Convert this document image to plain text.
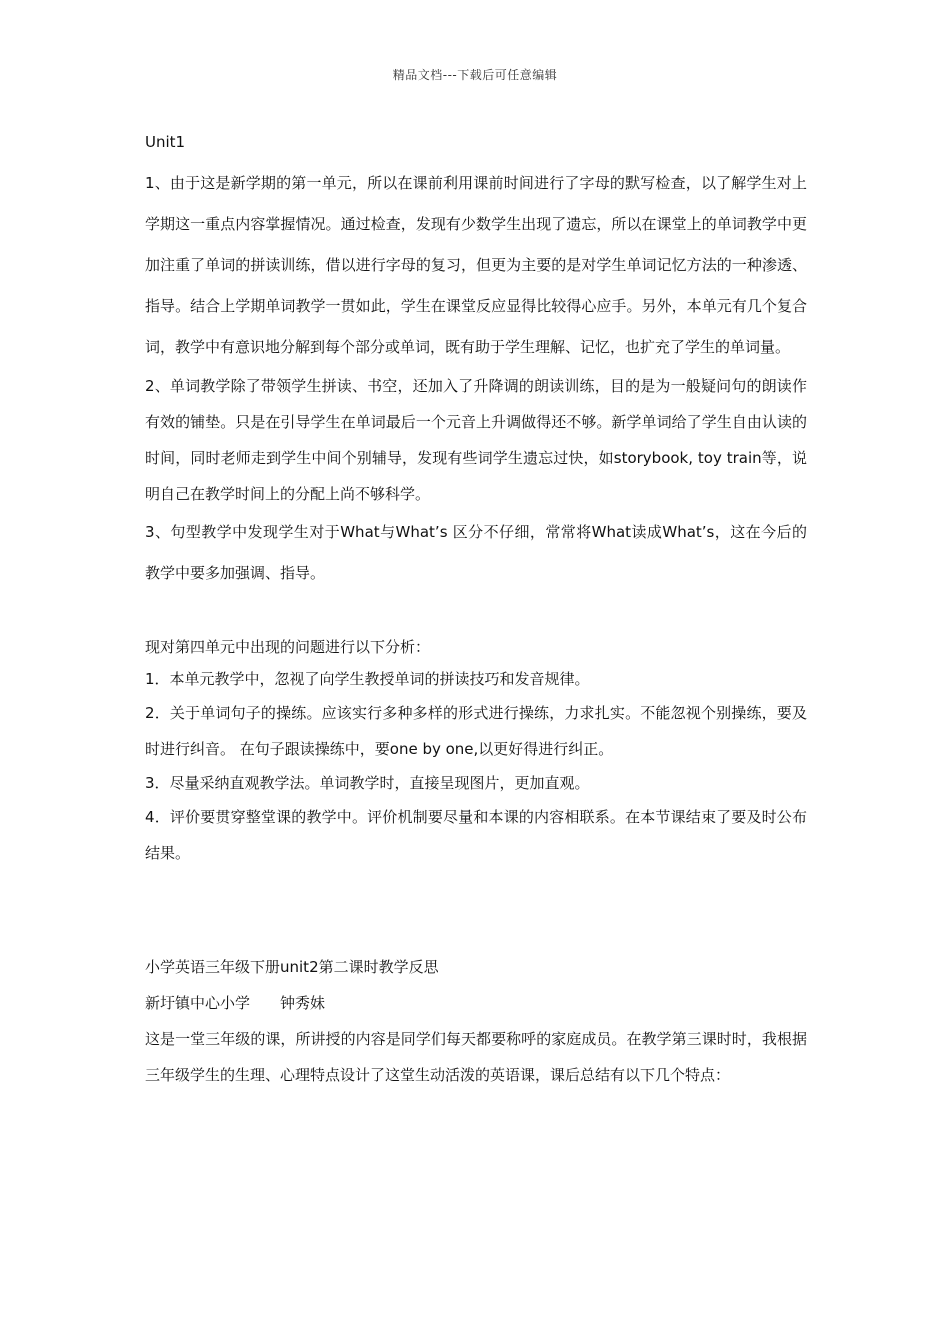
精品文档---下载后可任意编辑

Unit1

1、由于这是新学期的第一单元，所以在课前利用课前时间进行了字母的默写检查，以了解学生对上学期这一重点内容掌握情况。通过检查，发现有少数学生出现了遗忘，所以在课堂上的单词教学中更加注重了单词的拼读训练，借以进行字母的复习，但更为主要的是对学生单词记忆方法的一种渗透、指导。结合上学期单词教学一贯如此，学生在课堂反应显得比较得心应手。另外，本单元有几个复合词，教学中有意识地分解到每个部分或单词，既有助于学生理解、记忆，也扩充了学生的单词量。

2、单词教学除了带领学生拼读、书空，还加入了升降调的朗读训练，目的是为一般疑问句的朗读作有效的铺垫。只是在引导学生在单词最后一个元音上升调做得还不够。新学单词给了学生自由认读的时间，同时老师走到学生中间个别辅导，发现有些词学生遗忘过快，如storybook, toy train等，说明自己在教学时间上的分配上尚不够科学。

3、句型教学中发现学生对于What与What’s 区分不仔细，常常将What读成What’s，这在今后的教学中要多加强调、指导。

现对第四单元中出现的问题进行以下分析：

1．本单元教学中，忽视了向学生教授单词的拼读技巧和发音规律。

2．关于单词句子的操练。应该实行多种多样的形式进行操练，力求扎实。不能忽视个别操练，要及时进行纠音。 在句子跟读操练中，要one by one,以更好得进行纠正。

3．尽量采纳直观教学法。单词教学时，直接呈现图片，更加直观。

4．评价要贯穿整堂课的教学中。评价机制要尽量和本课的内容相联系。在本节课结束了要及时公布结果。

小学英语三年级下册unit2第二课时教学反思

新圩镇中心小学　　钟秀妹

这是一堂三年级的课，所讲授的内容是同学们每天都要称呼的家庭成员。在教学第三课时时，我根据三年级学生的生理、心理特点设计了这堂生动活泼的英语课，课后总结有以下几个特点：
